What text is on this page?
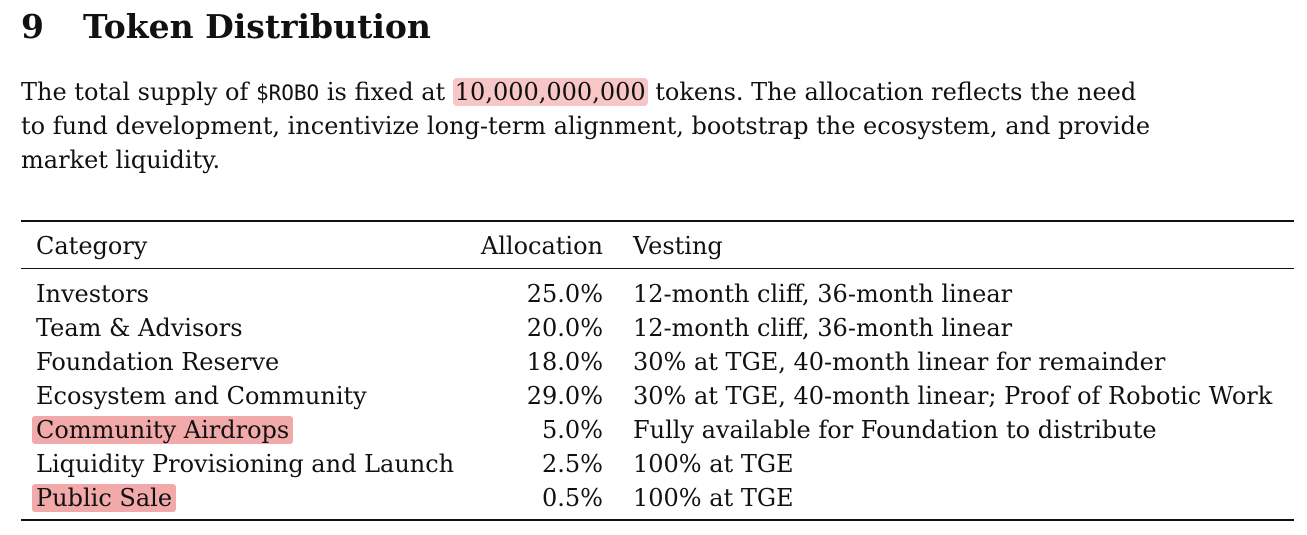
9 Token Distribution
The total supply of $ROBO is fixed at 10,000,000,000 tokens. The allocation reflects the need
to fund development, incentivize long-term alignment, bootstrap the ecosystem, and provide
market liquidity.
Category	Allocation Vesting
Investors	25.0% 12-month cliff, 36-month linear
Team & Advisors	20.0% 12-month cliff, 36-month linear
Foundation Reserve	18.0% 30% at TGE, 40-month linear for remainder
Ecosystem and Community	29.0% 30% at TGE, 40-month linear; Proof of Robotic Work
Community Airdrops	5.0% Fully available for Foundation to distribute
Liquidity Provisioning and Launch	2.5% 100% at TGE
Public Sale	0.5% 100% at TGE
